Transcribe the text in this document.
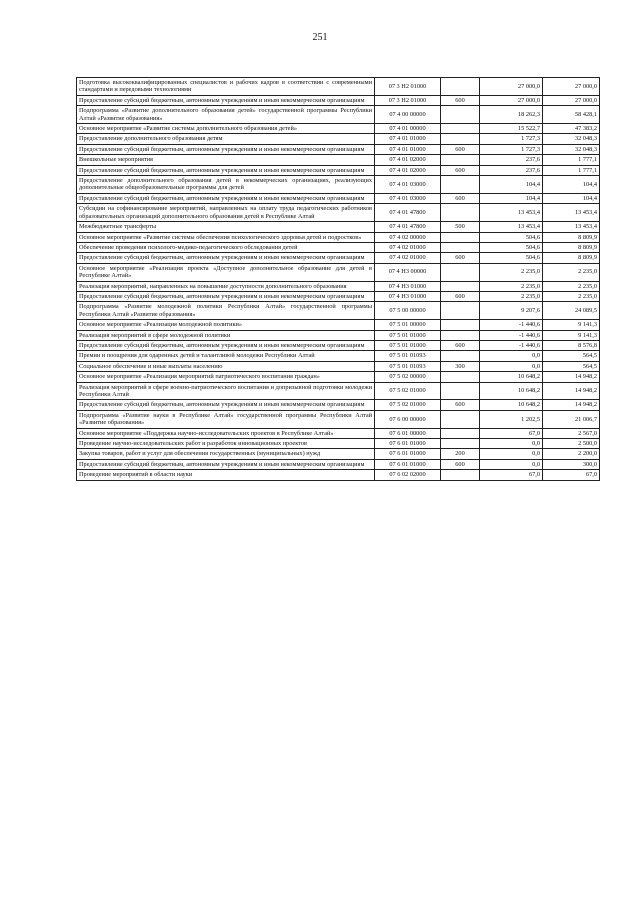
251
Подготовка высококвалифицированных специалистов и рабочих кадров в соответствии с современными стандартами и передовыми технологиями	07 3 Н2 01000		27 000,0	27 000,0
Предоставление субсидий бюджетным, автономным учреждениям и иным некоммерческим организациям	07 3 Н2 01000	600	27 000,0	27 000,0
Подпрограмма «Развитие дополнительного образования детей» государственной программы Республики Алтай «Развитие образования»	07 4 00 00000		18 262,3	58 428,1
Основное мероприятие «Развитие системы дополнительного образования детей»	07 4 01 00000		15 522,7	47 383,2
Предоставление дополнительного образования детям	07 4 01 01000		1 727,3	32 048,3
Предоставление субсидий бюджетным, автономным учреждениям и иным некоммерческим организациям	07 4 01 01000	600	1 727,3	32 048,3
Внешкольные мероприятия	07 4 01 02000		237,6	1 777,1
Предоставление субсидий бюджетным, автономным учреждениям и иным некоммерческим организациям	07 4 01 02000	600	237,6	1 777,1
Предоставление дополнительного образования детей в некоммерческих организациях, реализующих дополнительные общеобразовательные программы для детей	07 4 01 03000		104,4	104,4
Предоставление субсидий бюджетным, автономным учреждениям и иным некоммерческим организациям	07 4 01 03000	600	104,4	104,4
Субсидии на софинансирование мероприятий, направленных на оплату труда педагогических работников образовательных организаций дополнительного образования детей в Республике Алтай	07 4 01 47800		13 453,4	13 453,4
Межбюджетные трансферты	07 4 01 47800	500	13 453,4	13 453,4
Основное мероприятие «Развитие системы обеспечения психологического здоровья детей и подростков»	07 4 02 00000		504,6	8 809,9
Обеспечение проведения психолого-медико-педагогического обследования детей	07 4 02 01000		504,6	8 809,9
Предоставление субсидий бюджетным, автономным учреждениям и иным некоммерческим организациям	07 4 02 01000	600	504,6	8 809,9
Основное мероприятие «Реализация проекта «Доступное дополнительное образование для детей в Республике Алтай»	07 4 Н3 00000		2 235,0	2 235,0
Реализация мероприятий, направленных на повышение доступности дополнительного образования	07 4 Н3 01000		2 235,0	2 235,0
Предоставление субсидий бюджетным, автономным учреждениям и иным некоммерческим организациям	07 4 Н3 01000	600	2 235,0	2 235,0
Подпрограмма «Развитие молодежной политики Республики Алтай» государственной программы Республики Алтай «Развитие образования»	07 5 00 00000		9 207,6	24 089,5
Основное мероприятие «Реализация молодежной политики»	07 5 01 00000		-1 440,6	9 141,3
Реализация мероприятий в сфере молодежной политики	07 5 01 01000		-1 440,6	9 141,3
Предоставление субсидий бюджетным, автономным учреждениям и иным некоммерческим организациям	07 5 01 01000	600	-1 440,6	8 576,8
Премии и поощрения для одаренных детей и талантливой молодежи Республики Алтай	07 5 01 01093		0,0	564,5
Социальное обеспечение и иные выплаты населению	07 5 01 01093	300	0,0	564,5
Основное мероприятие «Реализация мероприятий патриотического воспитания граждан»	07 5 02 00000		10 648,2	14 948,2
Реализация мероприятий в сфере военно-патриотического воспитания и допризывной подготовки молодежи Республики Алтай	07 5 02 01000		10 648,2	14 948,2
Предоставление субсидий бюджетным, автономным учреждениям и иным некоммерческим организациям	07 5 02 01000	600	10 648,2	14 948,2
Подпрограмма «Развитие науки в Республике Алтай» государственной программы Республики Алтай «Развитие образования»	07 6 00 00000		1 202,5	21 006,7
Основное мероприятие «Поддержка научно-исследовательских проектов в Республике Алтай»	07 6 01 00000		67,0	2 567,0
Проведение научно-исследовательских работ и разработок инновационных проектов	07 6 01 01000		0,0	2 500,0
Закупка товаров, работ и услуг для обеспечения государственных (муниципальных) нужд	07 6 01 01000	200	0,0	2 200,0
Предоставление субсидий бюджетным, автономным учреждениям и иным некоммерческим организациям	07 6 01 01000	600	0,0	300,0
Проведение мероприятий в области науки	07 6 02 02000		67,0	67,0
